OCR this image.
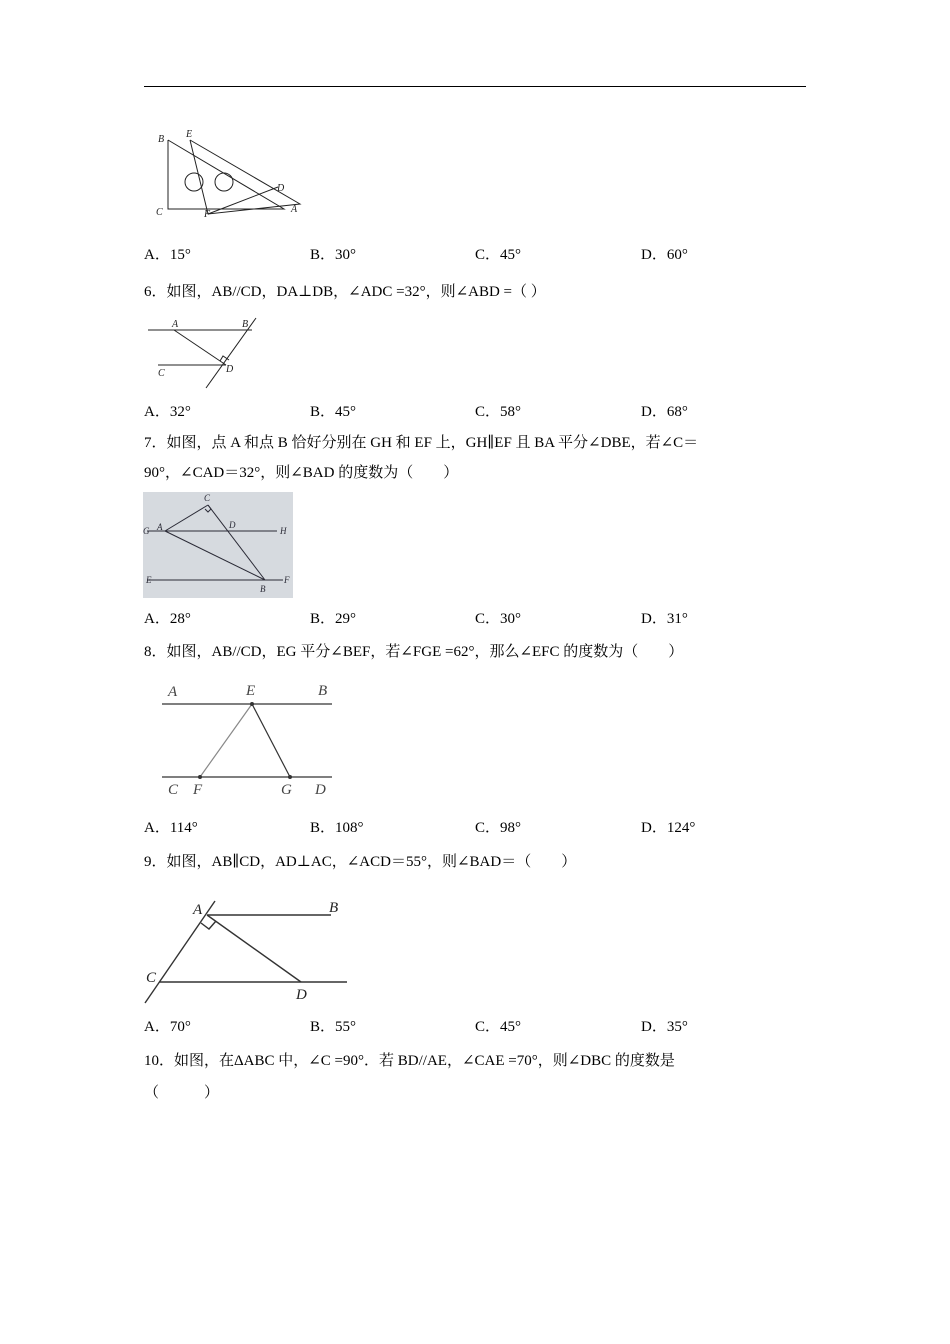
B E
D
C	F	A
A．15°	B．30°	C．45°	D．60°
6．如图，AB//CD，DA⊥DB，∠ADC =32°，则∠ABD =（ ）
A	B
C	D
A．32°	B．45°	C．58°	D．68°
7．如图，点 A 和点 B 恰好分别在 GH 和 EF 上，GH∥EF 且 BA 平分∠DBE，若∠C＝
90°，∠CAD＝32°，则∠BAD 的度数为（　　）
C
G A	D
H
E
B
F
A．28°	B．29°	C．30°	D．31°
8．如图，AB//CD，EG 平分∠BEF，若∠FGE =62°，那么∠EFC 的度数为（　　）
A	E	B
C F	G D
A．114°	B．108°	C．98°	D．124°
9．如图，AB∥CD，AD⊥AC，∠ACD＝55°，则∠BAD＝（　　）
A	B
C
D
A．70°	B．55°	C．45°	D．35°
10．如图，在ΔABC 中，∠C =90°．若 BD//AE，∠CAE =70°，则∠DBC 的度数是
（　　　）
